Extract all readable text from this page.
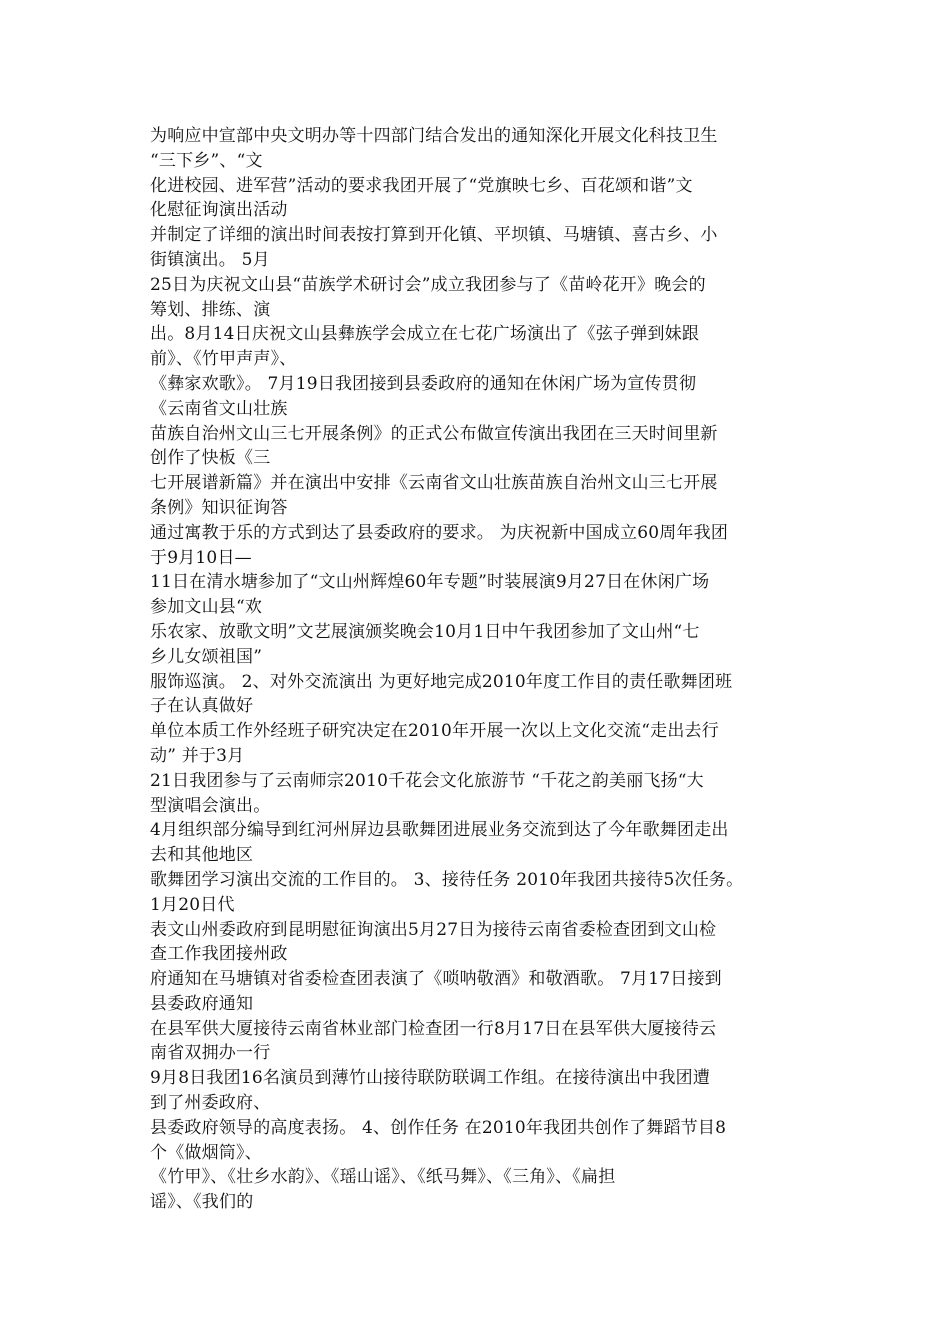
为响应中宣部中央文明办等十四部门结合发出的通知深化开展文化科技卫生
“三下乡”、“文
化进校园、进军营”活动的要求我团开展了“党旗映七乡、百花颂和谐”文
化慰征询演出活动
并制定了详细的演出时间表按打算到开化镇、平坝镇、马塘镇、喜古乡、小
街镇演出。 5月
25日为庆祝文山县“苗族学术研讨会”成立我团参与了《苗岭花开》晚会的
筹划、排练、演
出。8月14日庆祝文山县彝族学会成立在七花广场演出了《弦子弹到妹跟
前》、《竹甲声声》、
《彝家欢歌》。 7月19日我团接到县委政府的通知在休闲广场为宣传贯彻
《云南省文山壮族
苗族自治州文山三七开展条例》的正式公布做宣传演出我团在三天时间里新
创作了快板《三
七开展谱新篇》并在演出中安排《云南省文山壮族苗族自治州文山三七开展
条例》知识征询答
通过寓教于乐的方式到达了县委政府的要求。 为庆祝新中国成立60周年我团
于9月10日—
11日在清水塘参加了“文山州辉煌60年专题”时装展演9月27日在休闲广场
参加文山县“欢
乐农家、放歌文明”文艺展演颁奖晚会10月1日中午我团参加了文山州“七
乡儿女颂祖国”
服饰巡演。 2、对外交流演出 为更好地完成2010年度工作目的责任歌舞团班
子在认真做好
单位本质工作外经班子研究决定在2010年开展一次以上文化交流“走出去行
动” 并于3月
21日我团参与了云南师宗2010千花会文化旅游节 “千花之韵美丽飞扬“大
型演唱会演出。
4月组织部分编导到红河州屏边县歌舞团进展业务交流到达了今年歌舞团走出
去和其他地区
歌舞团学习演出交流的工作目的。 3、接待任务 2010年我团共接待5次任务。
1月20日代
表文山州委政府到昆明慰征询演出5月27日为接待云南省委检查团到文山检
查工作我团接州政
府通知在马塘镇对省委检查团表演了《唢呐敬酒》和敬酒歌。 7月17日接到
县委政府通知
在县军供大厦接待云南省林业部门检查团一行8月17日在县军供大厦接待云
南省双拥办一行
9月8日我团16名演员到薄竹山接待联防联调工作组。在接待演出中我团遭
到了州委政府、
县委政府领导的高度表扬。 4、创作任务 在2010年我团共创作了舞蹈节目8
个《做烟筒》、
《竹甲》、《壮乡水韵》、《瑶山谣》、《纸马舞》、《三角》、《扁担
谣》、《我们的
